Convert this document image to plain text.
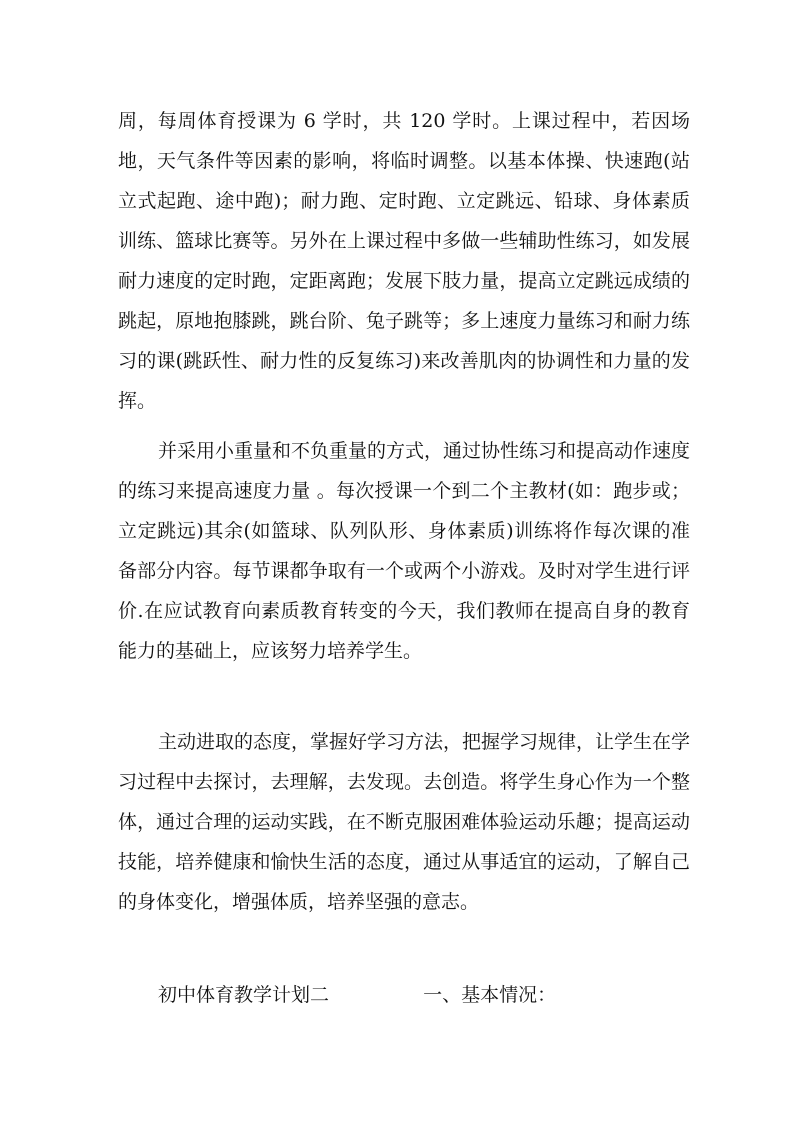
周，每周体育授课为 6 学时，共 120 学时。上课过程中，若因场地，天气条件等因素的影响，将临时调整。以基本体操、快速跑(站立式起跑、途中跑)；耐力跑、定时跑、立定跳远、铅球、身体素质训练、篮球比赛等。另外在上课过程中多做一些辅助性练习，如发展耐力速度的定时跑，定距离跑；发展下肢力量，提高立定跳远成绩的跳起，原地抱膝跳，跳台阶、兔子跳等；多上速度力量练习和耐力练习的课(跳跃性、耐力性的反复练习)来改善肌肉的协调性和力量的发挥。

并采用小重量和不负重量的方式，通过协性练习和提高动作速度的练习来提高速度力量 。每次授课一个到二个主教材(如：跑步或；立定跳远)其余(如篮球、队列队形、身体素质)训练将作每次课的准备部分内容。每节课都争取有一个或两个小游戏。及时对学生进行评价.在应试教育向素质教育转变的今天，我们教师在提高自身的教育能力的基础上，应该努力培养学生。

主动进取的态度，掌握好学习方法，把握学习规律，让学生在学习过程中去探讨，去理解，去发现。去创造。将学生身心作为一个整体，通过合理的运动实践，在不断克服困难体验运动乐趣；提高运动技能，培养健康和愉快生活的态度，通过从事适宜的运动，了解自己的身体变化，增强体质，培养坚强的意志。

初中体育教学计划二	一、基本情况：
